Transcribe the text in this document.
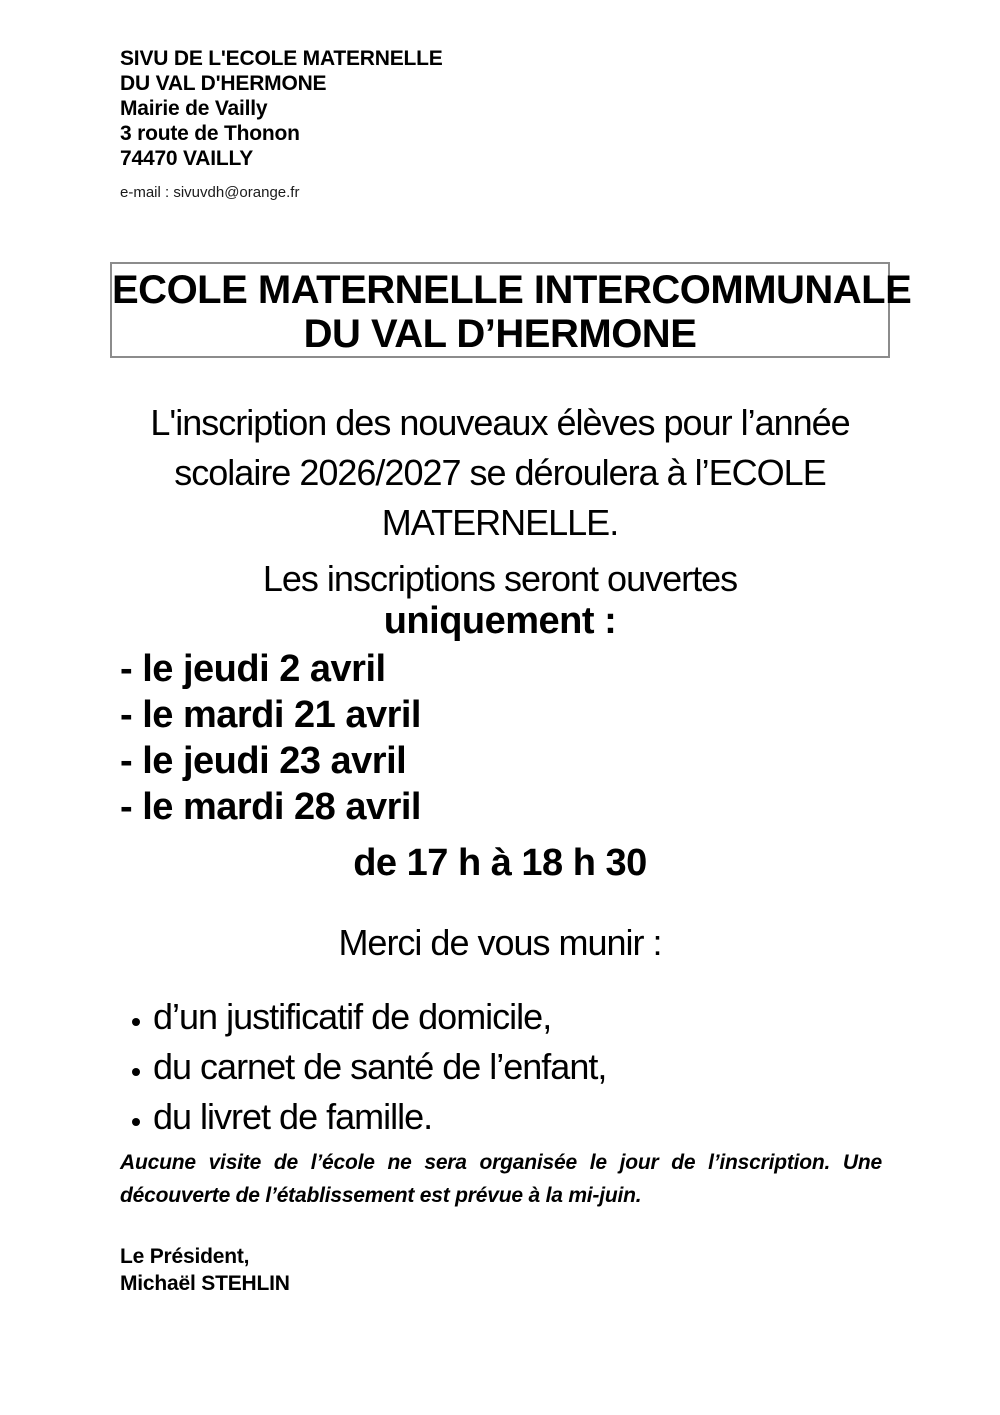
SIVU DE L'ECOLE MATERNELLE
DU VAL D'HERMONE
Mairie de Vailly
3 route de Thonon
74470 VAILLY
e-mail : sivuvdh@orange.fr
ECOLE MATERNELLE INTERCOMMUNALE
DU VAL D’HERMONE
L'inscription des nouveaux élèves pour l’année
scolaire 2026/2027 se déroulera à l’ECOLE
MATERNELLE.
Les inscriptions seront ouvertes
uniquement :
- le jeudi 2 avril
- le mardi 21 avril
- le jeudi 23 avril
- le mardi 28 avril
de 17 h à 18 h 30
Merci de vous munir :
d’un justificatif de domicile,
du carnet de santé de l’enfant,
du livret de famille.
Aucune visite de l’école ne sera organisée le jour de l’inscription. Une
découverte de l’établissement est prévue à la mi-juin.
Le Président,
Michaël STEHLIN
